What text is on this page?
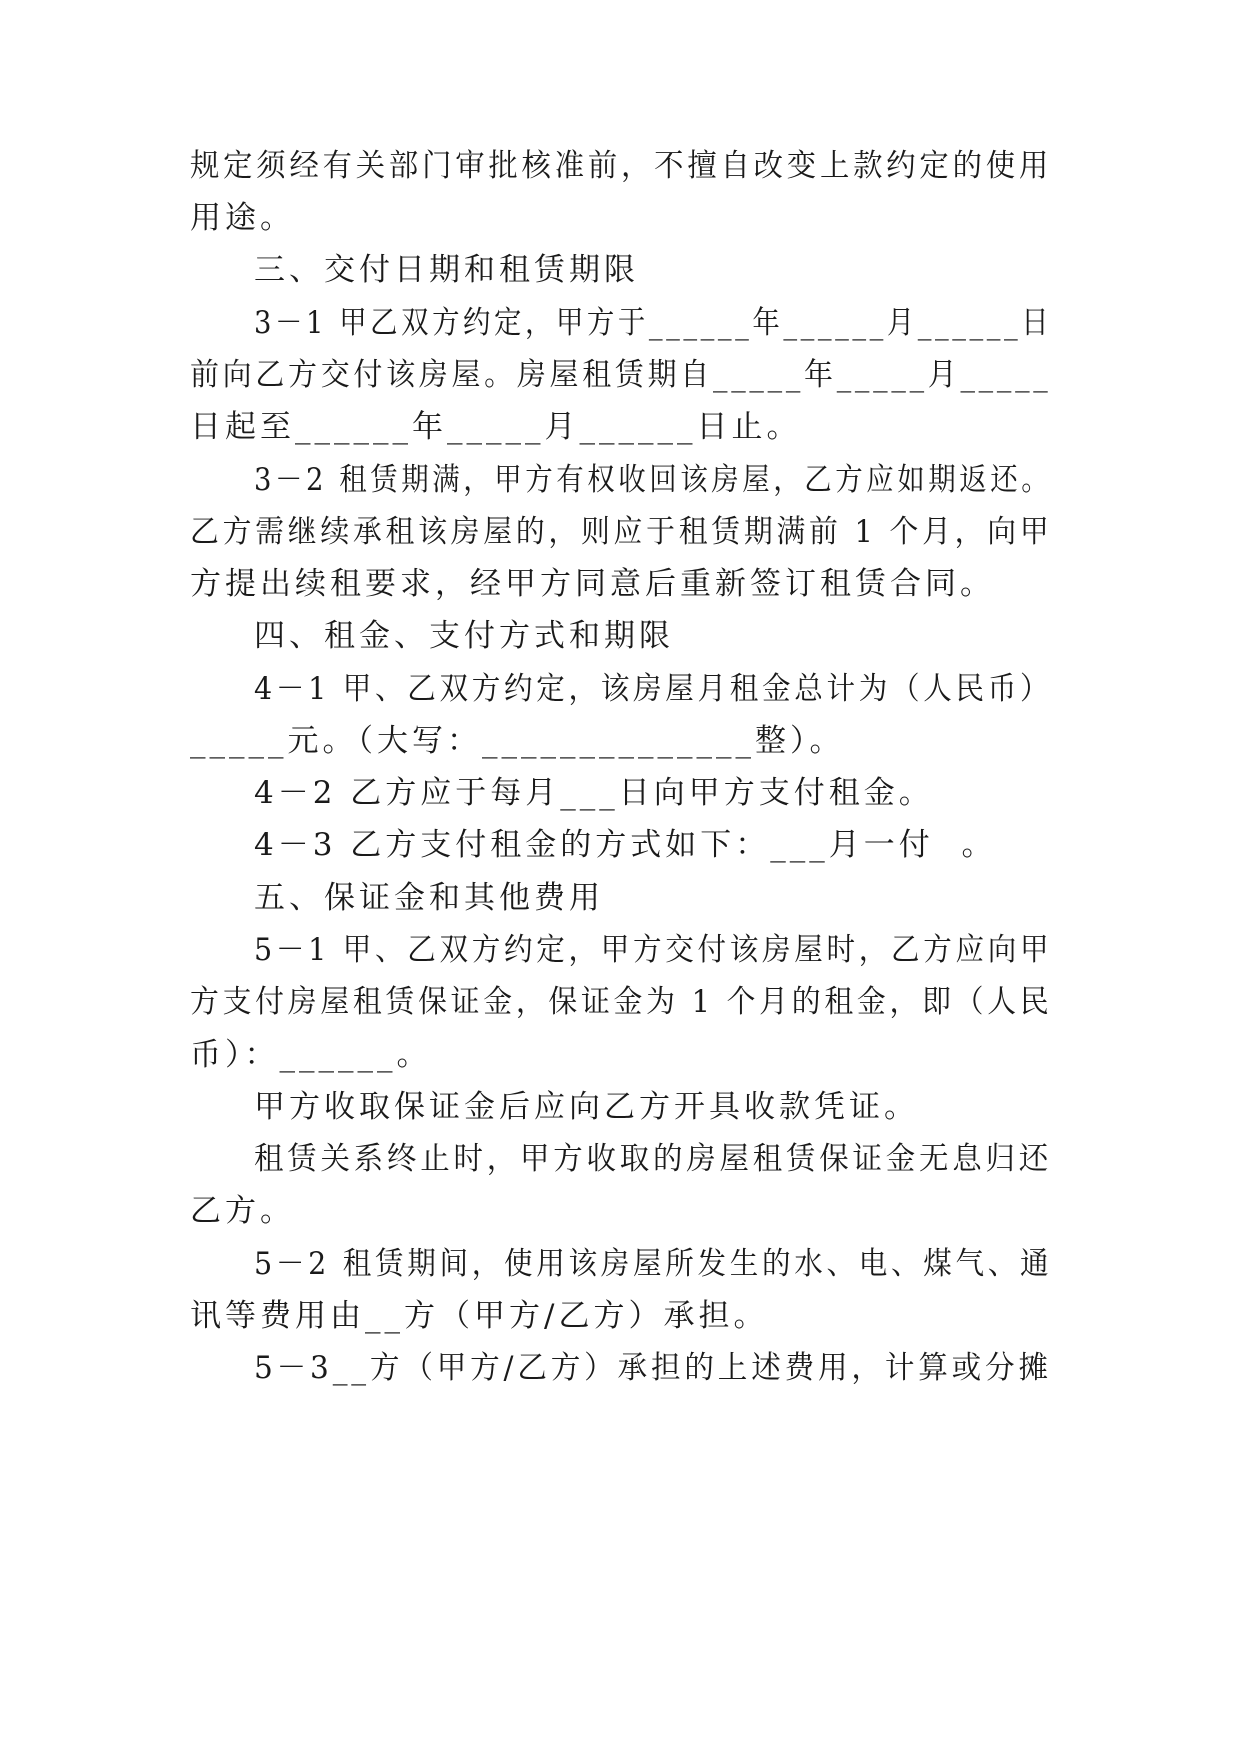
规定须经有关部门审批核准前，不擅自改变上款约定的使用
用途。
三、交付日期和租赁期限
3－1 甲乙双方约定，甲方于______年______月______日
前向乙方交付该房屋。房屋租赁期自_____年_____月_____
日起至______年_____月______日止。
3－2 租赁期满，甲方有权收回该房屋，乙方应如期返还。
乙方需继续承租该房屋的，则应于租赁期满前 1 个月，向甲
方提出续租要求，经甲方同意后重新签订租赁合同。
四、租金、支付方式和期限
4－1 甲、乙双方约定，该房屋月租金总计为（人民币）
_____元。（大写：______________整）。
4－2 乙方应于每月___日向甲方支付租金。
4－3 乙方支付租金的方式如下：___月一付  。
五、保证金和其他费用
5－1 甲、乙双方约定，甲方交付该房屋时，乙方应向甲
方支付房屋租赁保证金，保证金为 1 个月的租金，即（人民
币）：______。
甲方收取保证金后应向乙方开具收款凭证。
租赁关系终止时，甲方收取的房屋租赁保证金无息归还
乙方。
5－2 租赁期间，使用该房屋所发生的水、电、煤气、通
讯等费用由__方（甲方/乙方）承担。
5－3__方（甲方/乙方）承担的上述费用，计算或分摊
